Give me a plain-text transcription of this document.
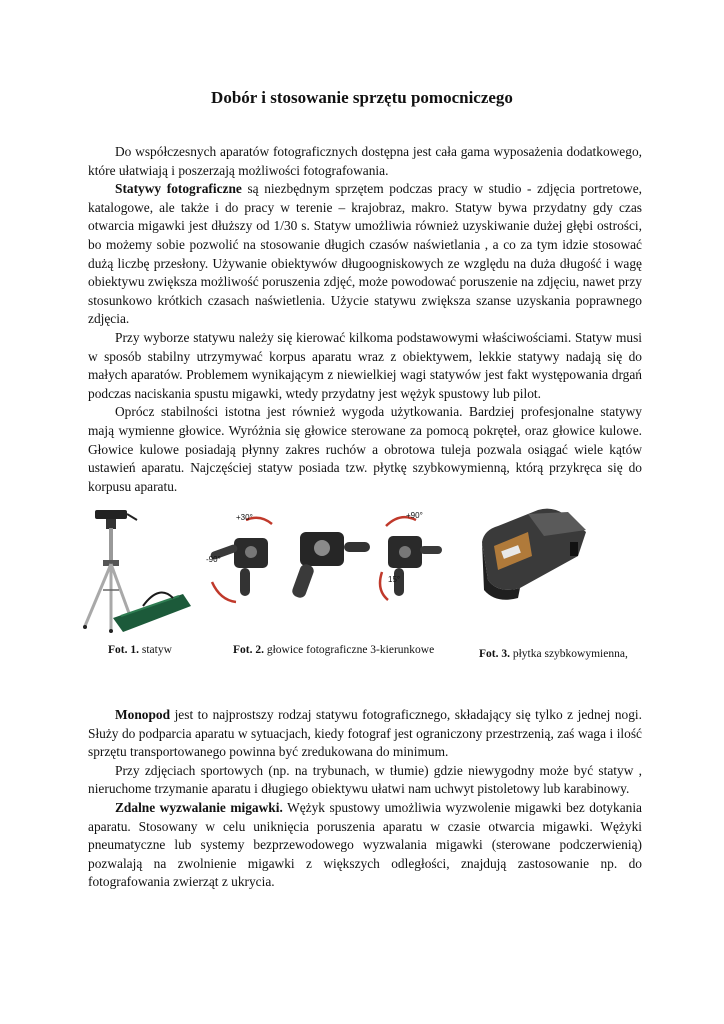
Dobór i stosowanie sprzętu pomocniczego

Do współczesnych aparatów fotograficznych dostępna jest cała gama wyposażenia dodatkowego, które ułatwiają i poszerzają możliwości fotografowania.

Statywy fotograficzne są niezbędnym sprzętem podczas pracy w studio - zdjęcia portretowe, katalogowe, ale także i do pracy w terenie – krajobraz, makro. Statyw bywa przydatny gdy czas otwarcia migawki jest dłuższy od 1/30 s. Statyw umożliwia również uzyskiwanie dużej głębi ostrości, bo możemy sobie pozwolić na stosowanie długich czasów naświetlania , a co za tym idzie stosować dużą liczbę przesłony. Używanie obiektywów długoogniskowych ze względu na duża długość i wagę obiektywu zwiększa możliwość poruszenia zdjęć, może powodować poruszenie na zdjęciu, nawet przy stosunkowo krótkich czasach naświetlenia. Użycie statywu zwiększa szanse uzyskania poprawnego zdjęcia.

Przy wyborze statywu należy się kierować kilkoma podstawowymi właściwościami. Statyw musi w sposób stabilny utrzymywać korpus aparatu wraz z obiektywem, lekkie statywy nadają się do małych aparatów. Problemem wynikającym z niewielkiej wagi statywów jest fakt występowania drgań podczas naciskania spustu migawki, wtedy przydatny jest wężyk spustowy lub pilot.

Oprócz stabilności istotna jest również wygoda użytkowania. Bardziej profesjonalne statywy mają wymienne głowice. Wyróżnia się głowice sterowane za pomocą pokręteł, oraz głowice kulowe. Głowice kulowe posiadają płynny zakres ruchów a obrotowa tuleja pozwala osiągać wiele kątów ustawień aparatu. Najczęściej statyw posiada tzw. płytkę szybkowymienną, którą przykręca się do korpusu aparatu.

+30°
-90°
+90°
15°
Fot. 1. statyw	Fot. 2. głowice fotograficzne 3-kierunkowe	Fot. 3. płytka szybkowymienna,

Monopod jest to najprostszy rodzaj statywu fotograficznego, składający się tylko z jednej nogi. Służy do podparcia aparatu w sytuacjach, kiedy fotograf jest ograniczony przestrzenią, zaś waga i ilość sprzętu transportowanego powinna być zredukowana do minimum.

Przy zdjęciach sportowych (np. na trybunach, w tłumie) gdzie niewygodny może być statyw , nieruchome trzymanie aparatu i długiego obiektywu ułatwi nam uchwyt pistoletowy lub karabinowy.

Zdalne wyzwalanie migawki. Wężyk spustowy umożliwia wyzwolenie migawki bez dotykania aparatu. Stosowany w celu uniknięcia poruszenia aparatu w czasie otwarcia migawki. Wężyki pneumatyczne lub systemy bezprzewodowego wyzwalania migawki (sterowane podczerwienią) pozwalają na zwolnienie migawki z większych odległości, znajdują zastosowanie np. do fotografowania zwierząt z ukrycia.
